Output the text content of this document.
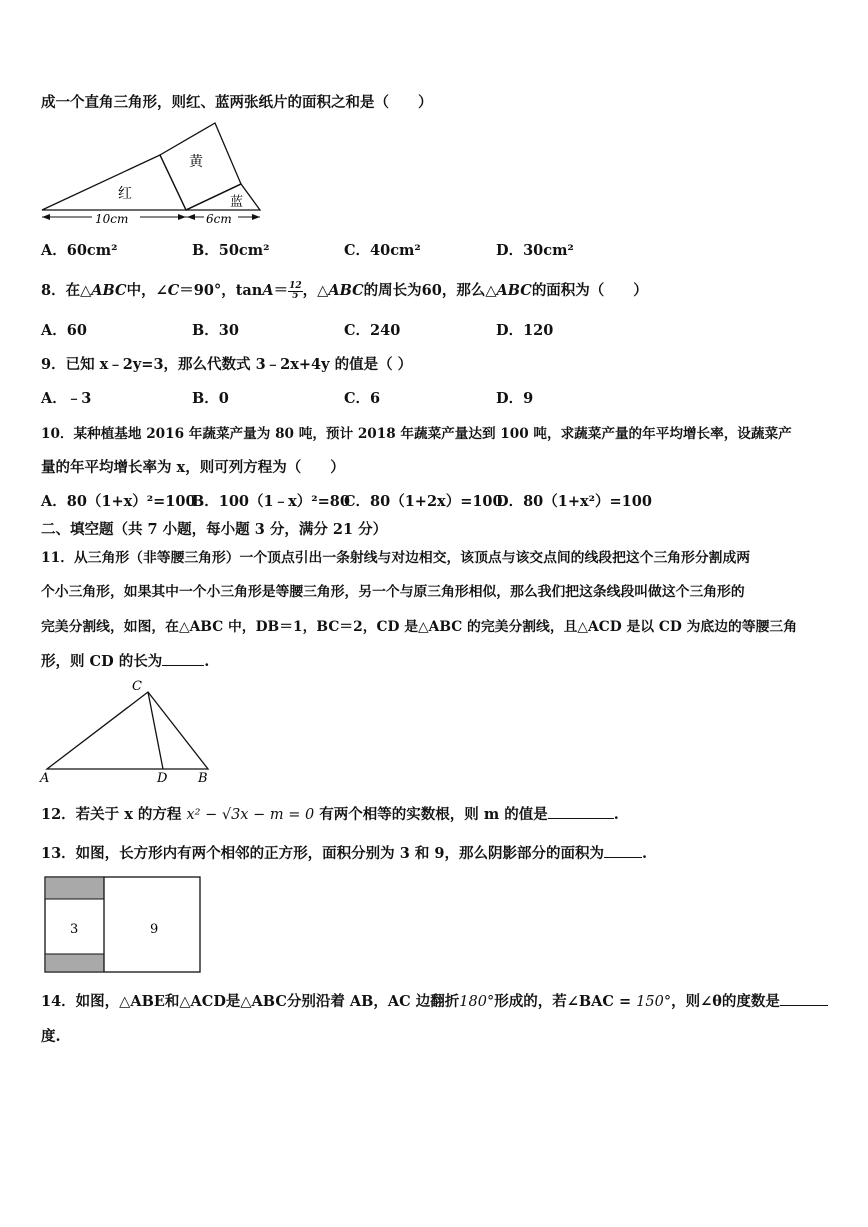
成一个直角三角形，则红、蓝两张纸片的面积之和是（　　）
红
黄
蓝
10cm	6cm
A．60cm²	B．50cm²	C．40cm²	D．30cm²
8．在△ABC中，∠C＝90°，$\tan A= \frac{12}{5}$ ，△ABC的周长为60，那么△ABC的面积为（　　）
A．60	B．30	C．240	D．120
9．已知 x﹣2y=3，那么代数式 3﹣2x+4y 的值是（ ）
A．﹣3	B．0	C．6	D．9
10．某种植基地 2016 年蔬菜产量为 80 吨，预计 2018 年蔬菜产量达到 100 吨，求蔬菜产量的年平均增长率，设蔬菜产
量的年平均增长率为 x，则可列方程为（　　）
A．80（1+x）²=100
B．100（1﹣x）²=80
C．80（1+2x）=100
D．80（1+x²）=100
二、填空题（共 7 小题，每小题 3 分，满分 21 分）
11．从三角形（非等腰三角形）一个顶点引出一条射线与对边相交，该顶点与该交点间的线段把这个三角形分割成两
个小三角形，如果其中一个小三角形是等腰三角形，另一个与原三角形相似，那么我们把这条线段叫做这个三角形的
完美分割线，如图，在△ABC 中，DB＝1，BC＝2，CD 是△ABC 的完美分割线，且△ACD 是以 CD 为底边的等腰三角
形，则 CD 的长为	.
C
A	D B
12．若关于 x 的方程 x² − √3x − m = 0 有两个相等的实数根，则 m 的值是	.
13．如图，长方形内有两个相邻的正方形，面积分别为 3 和 9，那么阴影部分的面积为	.
3	9
14．如图，△ABE和△ACD是△ABC分别沿着 AB，AC 边翻折180°形成的，若∠BAC = 150°，则∠θ的度数是
度.
